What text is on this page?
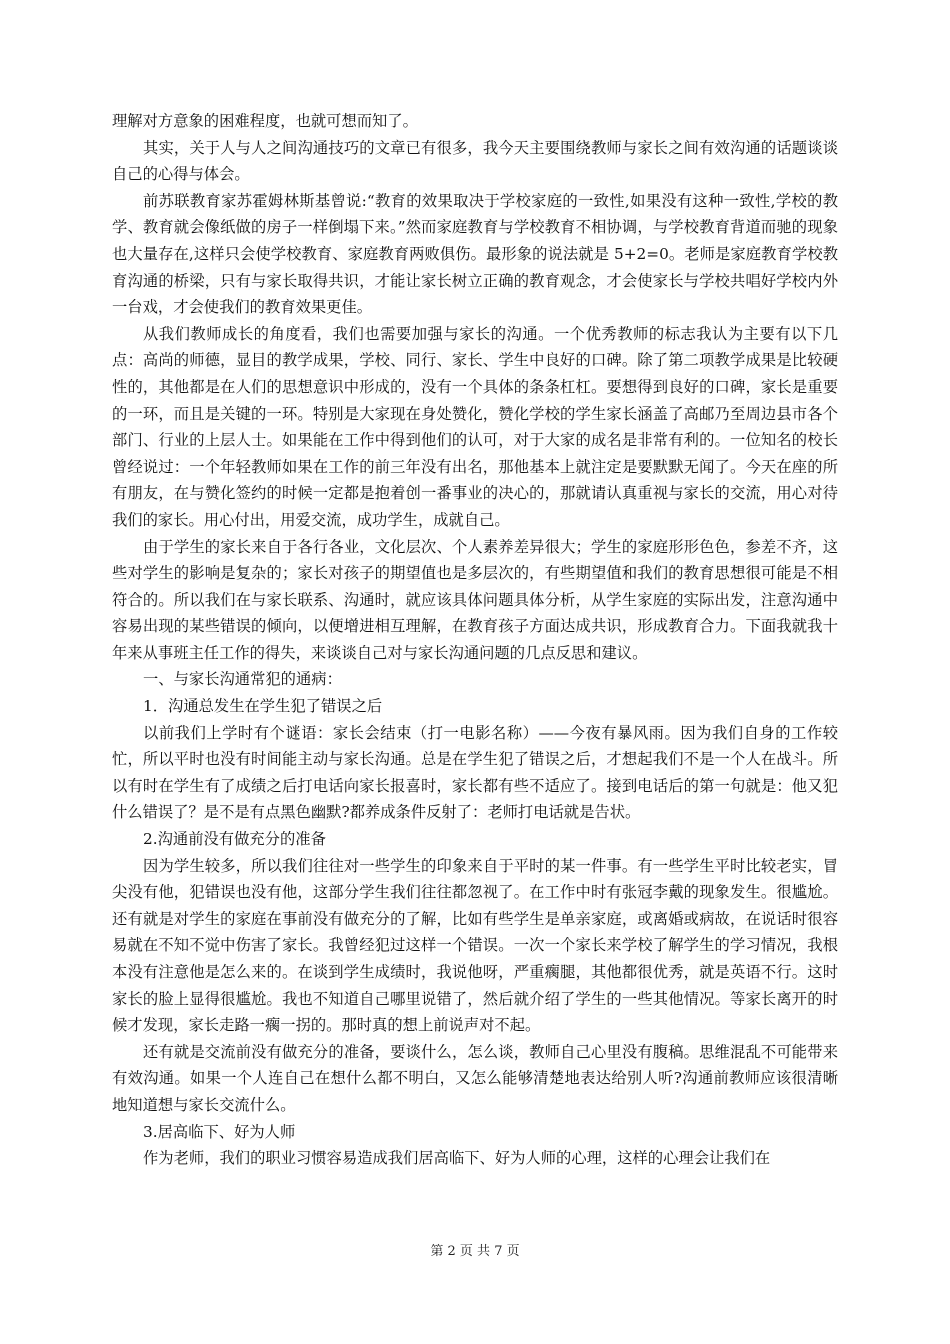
理解对方意象的困难程度，也就可想而知了。

其实，关于人与人之间沟通技巧的文章已有很多，我今天主要围绕教师与家长之间有效沟通的话题谈谈自己的心得与体会。

前苏联教育家苏霍姆林斯基曾说:“教育的效果取决于学校家庭的一致性,如果没有这种一致性,学校的教学、教育就会像纸做的房子一样倒塌下来。”然而家庭教育与学校教育不相协调，与学校教育背道而驰的现象也大量存在,这样只会使学校教育、家庭教育两败俱伤。最形象的说法就是 5+2=0。老师是家庭教育学校教育沟通的桥梁，只有与家长取得共识，才能让家长树立正确的教育观念，才会使家长与学校共唱好学校内外一台戏，才会使我们的教育效果更佳。

从我们教师成长的角度看，我们也需要加强与家长的沟通。一个优秀教师的标志我认为主要有以下几点：高尚的师德，显目的教学成果，学校、同行、家长、学生中良好的口碑。除了第二项教学成果是比较硬性的，其他都是在人们的思想意识中形成的，没有一个具体的条条杠杠。要想得到良好的口碑，家长是重要的一环，而且是关键的一环。特别是大家现在身处赞化，赞化学校的学生家长涵盖了高邮乃至周边县市各个部门、行业的上层人士。如果能在工作中得到他们的认可，对于大家的成名是非常有利的。一位知名的校长曾经说过：一个年轻教师如果在工作的前三年没有出名，那他基本上就注定是要默默无闻了。今天在座的所有朋友，在与赞化签约的时候一定都是抱着创一番事业的决心的，那就请认真重视与家长的交流，用心对待我们的家长。用心付出，用爱交流，成功学生，成就自己。

由于学生的家长来自于各行各业，文化层次、个人素养差异很大；学生的家庭形形色色，参差不齐，这些对学生的影响是复杂的；家长对孩子的期望值也是多层次的，有些期望值和我们的教育思想很可能是不相符合的。所以我们在与家长联系、沟通时，就应该具体问题具体分析，从学生家庭的实际出发，注意沟通中容易出现的某些错误的倾向，以便增进相互理解，在教育孩子方面达成共识，形成教育合力。下面我就我十年来从事班主任工作的得失，来谈谈自己对与家长沟通问题的几点反思和建议。

一、与家长沟通常犯的通病：

1．沟通总发生在学生犯了错误之后

以前我们上学时有个谜语：家长会结束（打一电影名称）——今夜有暴风雨。因为我们自身的工作较忙，所以平时也没有时间能主动与家长沟通。总是在学生犯了错误之后，才想起我们不是一个人在战斗。所以有时在学生有了成绩之后打电话向家长报喜时，家长都有些不适应了。接到电话后的第一句就是：他又犯什么错误了？是不是有点黑色幽默?都养成条件反射了：老师打电话就是告状。

2.沟通前没有做充分的准备

因为学生较多，所以我们往往对一些学生的印象来自于平时的某一件事。有一些学生平时比较老实，冒尖没有他，犯错误也没有他，这部分学生我们往往都忽视了。在工作中时有张冠李戴的现象发生。很尴尬。还有就是对学生的家庭在事前没有做充分的了解，比如有些学生是单亲家庭，或离婚或病故，在说话时很容易就在不知不觉中伤害了家长。我曾经犯过这样一个错误。一次一个家长来学校了解学生的学习情况，我根本没有注意他是怎么来的。在谈到学生成绩时，我说他呀，严重瘸腿，其他都很优秀，就是英语不行。这时家长的脸上显得很尴尬。我也不知道自己哪里说错了，然后就介绍了学生的一些其他情况。等家长离开的时候才发现，家长走路一瘸一拐的。那时真的想上前说声对不起。

还有就是交流前没有做充分的准备，要谈什么，怎么谈，教师自己心里没有腹稿。思维混乱不可能带来有效沟通。如果一个人连自己在想什么都不明白，又怎么能够清楚地表达给别人听?沟通前教师应该很清晰地知道想与家长交流什么。

3.居高临下、好为人师

作为老师，我们的职业习惯容易造成我们居高临下、好为人师的心理，这样的心理会让我们在

第 2 页 共 7 页
